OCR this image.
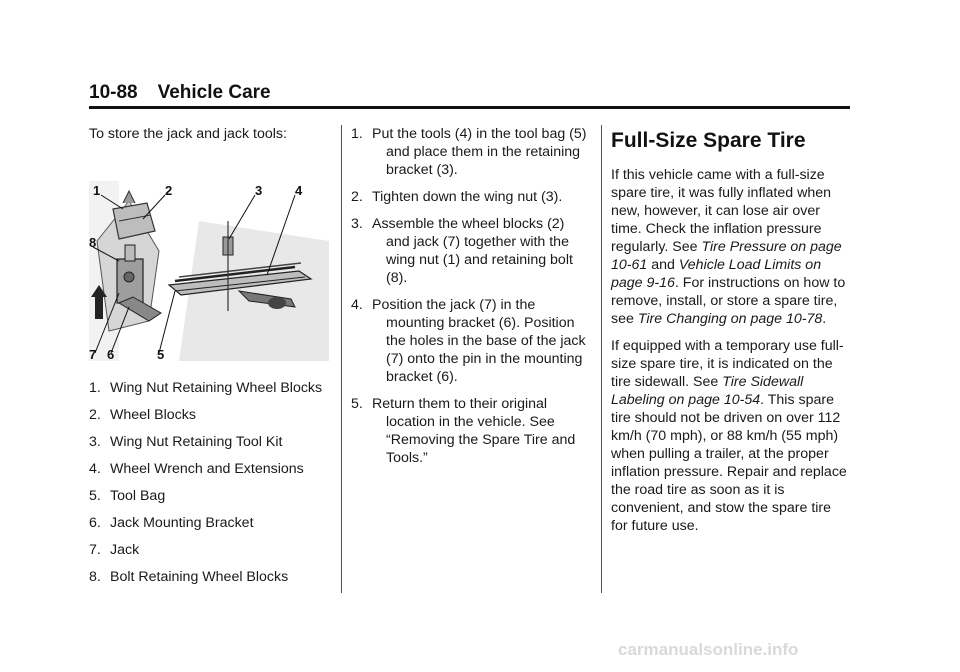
10-88 Vehicle Care

To store the jack and jack tools:

1	2	3	4
5
6
7
8
1. Wing Nut Retaining Wheel Blocks
2. Wheel Blocks
3. Wing Nut Retaining Tool Kit
4. Wheel Wrench and Extensions
5. Tool Bag
6. Jack Mounting Bracket
7. Jack
8. Bolt Retaining Wheel Blocks
1. Put the tools (4) in the tool bag (5) and place them in the retaining bracket (3).
2. Tighten down the wing nut (3).
3. Assemble the wheel blocks (2) and jack (7) together with the wing nut (1) and retaining bolt (8).
4. Position the jack (7) in the mounting bracket (6). Position the holes in the base of the jack (7) onto the pin in the mounting bracket (6).
5. Return them to their original location in the vehicle. See “Removing the Spare Tire and Tools.”
Full-Size Spare Tire

If this vehicle came with a full-size spare tire, it was fully inflated when new, however, it can lose air over time. Check the inflation pressure regularly. See Tire Pressure on page 10-61 and Vehicle Load Limits on page 9-16. For instructions on how to remove, install, or store a spare tire, see Tire Changing on page 10-78.

If equipped with a temporary use full-size spare tire, it is indicated on the tire sidewall. See Tire Sidewall Labeling on page 10-54. This spare tire should not be driven on over 112 km/h (70 mph), or 88 km/h (55 mph) when pulling a trailer, at the proper inflation pressure. Repair and replace the road tire as soon as it is convenient, and stow the spare tire for future use.

carmanualsonline.info
